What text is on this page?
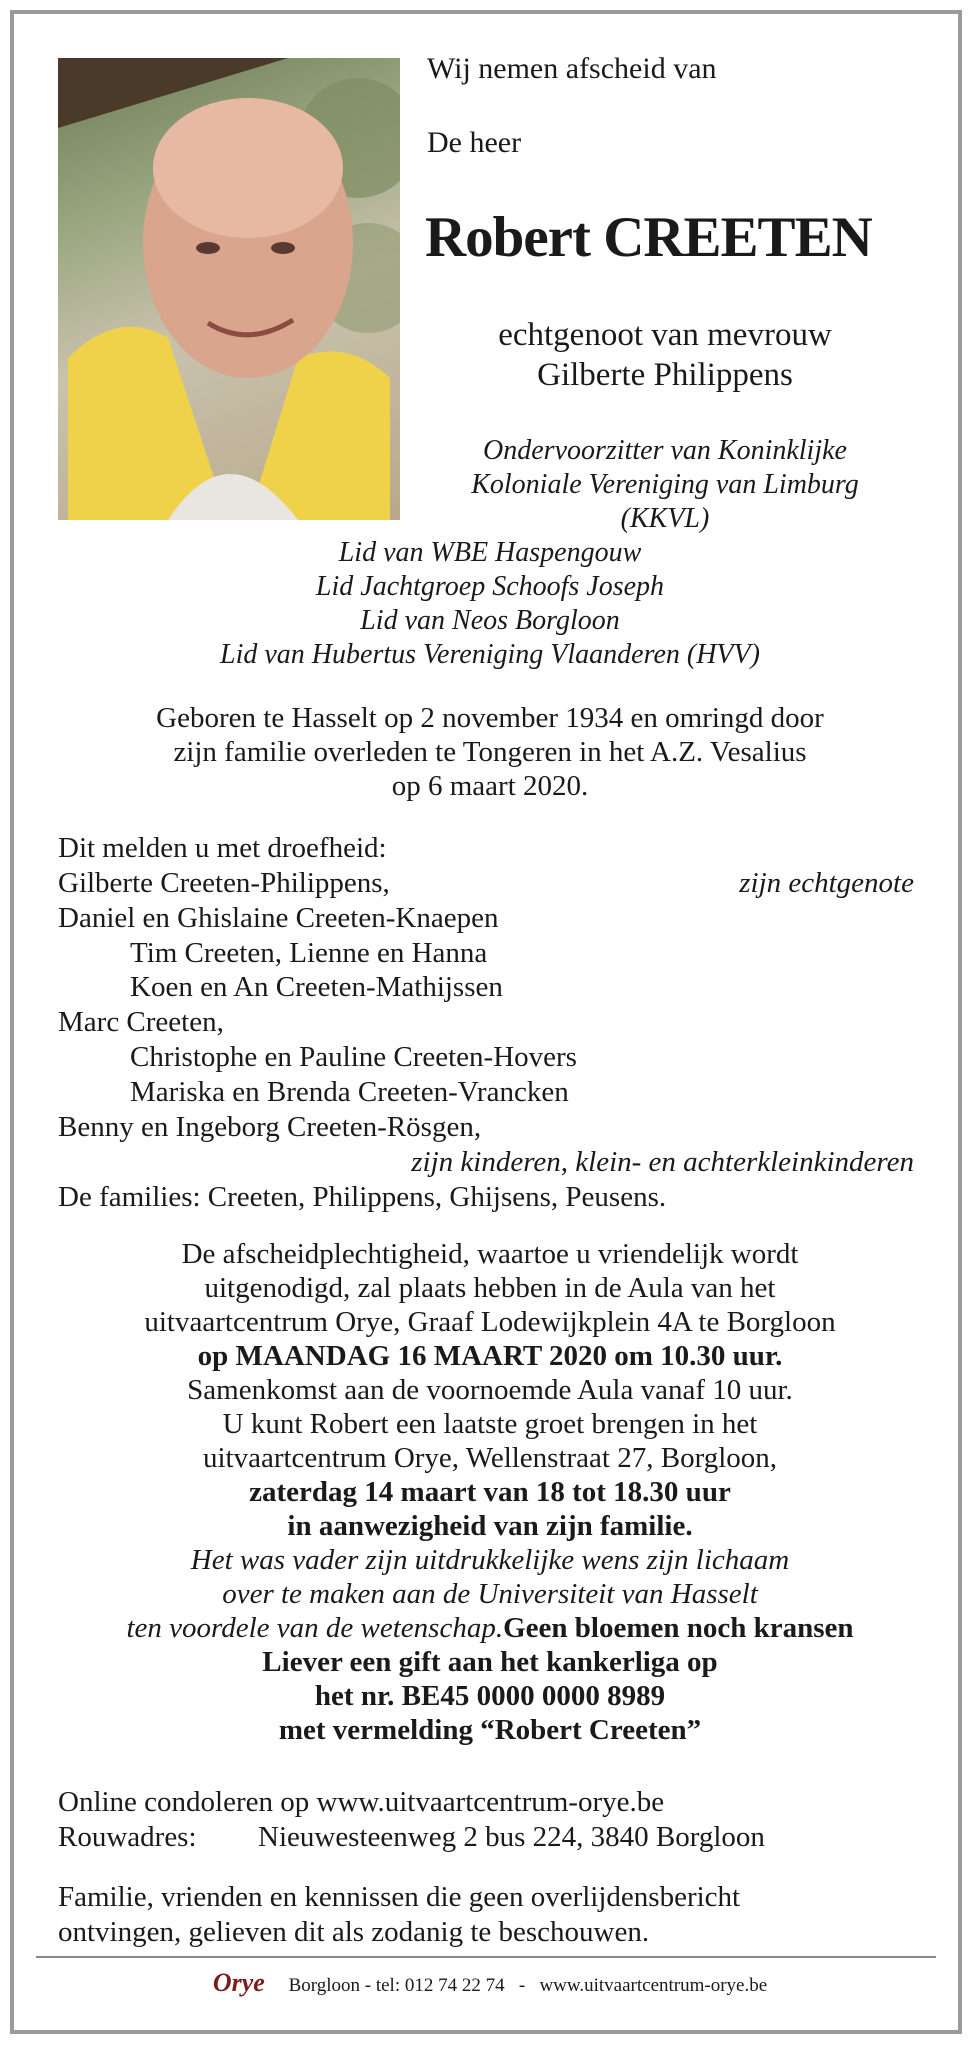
Wij nemen afscheid van
De heer
Robert CREETEN
echtgenoot van mevrouw
Gilberte Philippens
Ondervoorzitter van Koninklijke
Koloniale Vereniging van Limburg
(KKVL)
Lid van WBE Haspengouw
Lid Jachtgroep Schoofs Joseph
Lid van Neos Borgloon
Lid van Hubertus Vereniging Vlaanderen (HVV)
Geboren te Hasselt op 2 november 1934 en omringd door
zijn familie overleden te Tongeren in het A.Z. Vesalius
op 6 maart 2020.
Dit melden u met droefheid:
Gilberte Creeten-Philippens,	zijn echtgenote
Daniel en Ghislaine Creeten-Knaepen
Tim Creeten, Lienne en Hanna
Koen en An Creeten-Mathijssen
Marc Creeten,
Christophe en Pauline Creeten-Hovers
Mariska en Brenda Creeten-Vrancken
Benny en Ingeborg Creeten-Rösgen,
zijn kinderen, klein- en achterkleinkinderen
De families: Creeten, Philippens, Ghijsens, Peusens.
De afscheidplechtigheid, waartoe u vriendelijk wordt
uitgenodigd, zal plaats hebben in de Aula van het
uitvaartcentrum Orye, Graaf Lodewijkplein 4A te Borgloon
op MAANDAG 16 MAART 2020 om 10.30 uur.
Samenkomst aan de voornoemde Aula vanaf 10 uur.
U kunt Robert een laatste groet brengen in het
uitvaartcentrum Orye, Wellenstraat 27, Borgloon,
zaterdag 14 maart van 18 tot 18.30 uur
in aanwezigheid van zijn familie.
Het was vader zijn uitdrukkelijke wens zijn lichaam
over te maken aan de Universiteit van Hasselt
ten voordele van de wetenschap.Geen bloemen noch kransen
Liever een gift aan het kankerliga op
het nr. BE45 0000 0000 8989
met vermelding “Robert Creeten”
Online condoleren op www.uitvaartcentrum-orye.be
Rouwadres: Nieuwesteenweg 2 bus 224, 3840 Borgloon
Familie, vrienden en kennissen die geen overlijdensbericht
ontvingen, gelieven dit als zodanig te beschouwen.
Orye Borgloon - tel: 012 74 22 74 - www.uitvaartcentrum-orye.be
